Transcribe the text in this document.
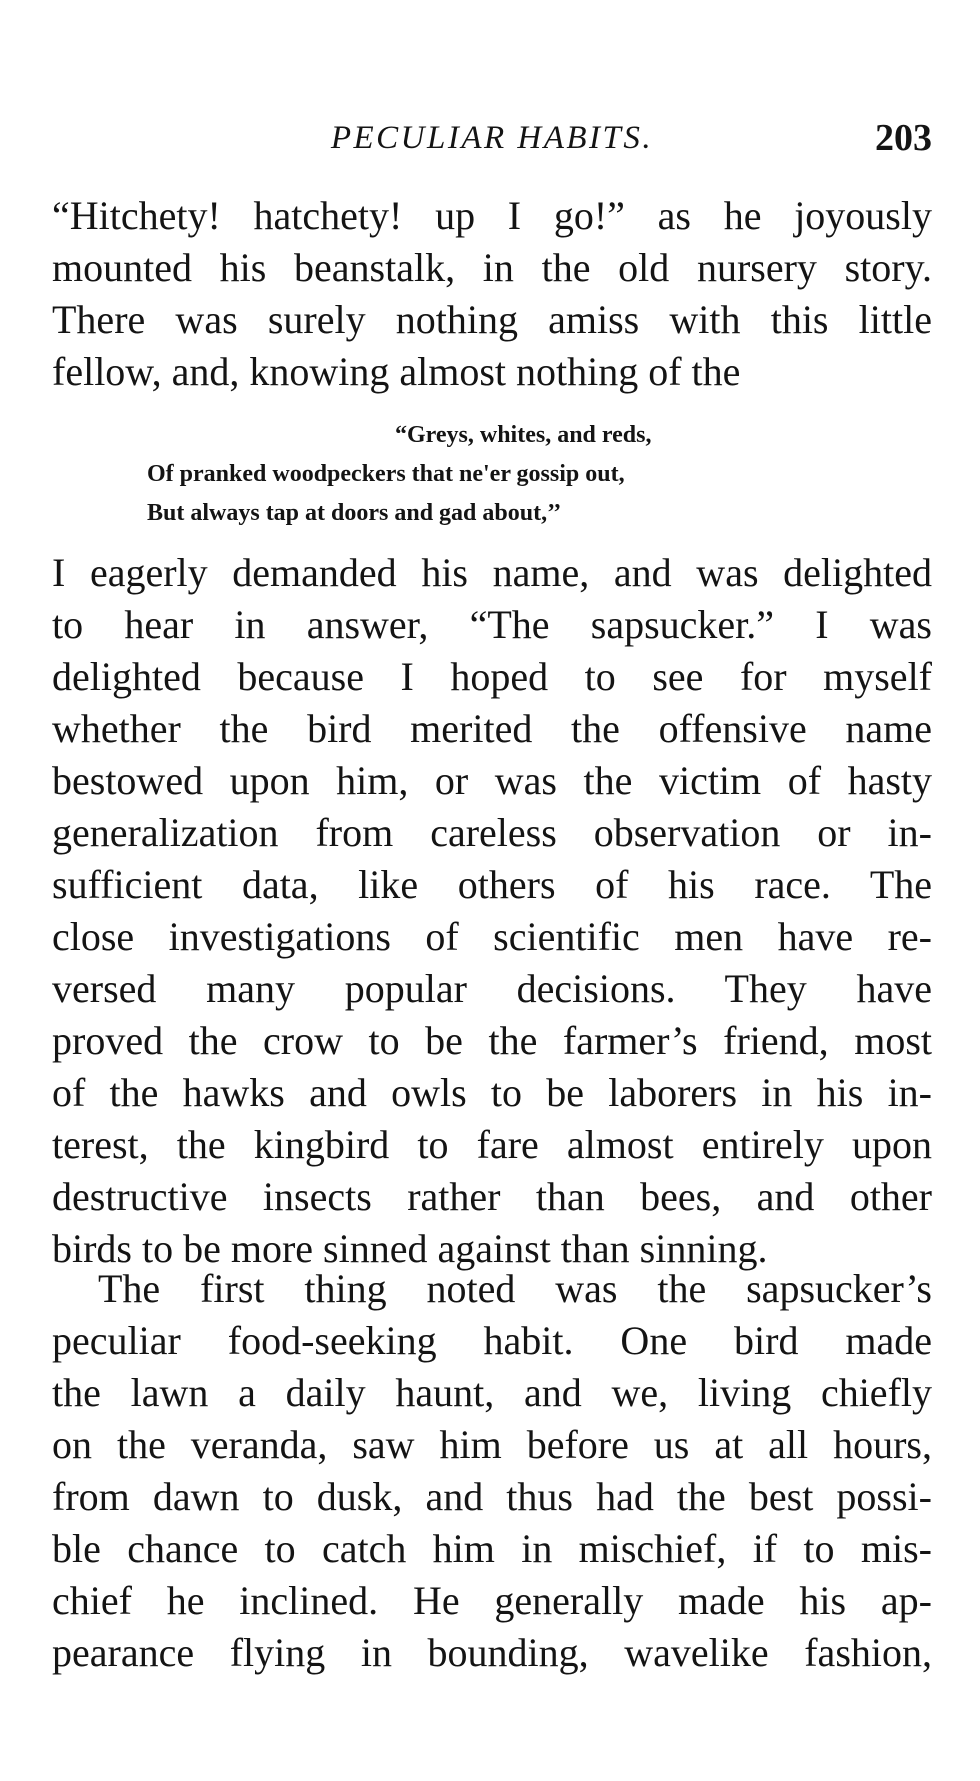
PECULIAR HABITS.	203
“Hitchety! hatchety! up I go!” as he joyously
mounted his beanstalk, in the old nursery story.
There was surely nothing amiss with this little
fellow, and, knowing almost nothing of the
“Greys, whites, and reds,
Of pranked woodpeckers that ne'er gossip out,
But always tap at doors and gad about,’’
I eagerly demanded his name, and was delighted
to hear in answer, “The sapsucker.” I was
delighted because I hoped to see for myself
whether the bird merited the offensive name
bestowed upon him, or was the victim of hasty
generalization from careless observation or in-
sufficient data, like others of his race. The
close investigations of scientific men have re-
versed many popular decisions. They have
proved the crow to be the farmer’s friend, most
of the hawks and owls to be laborers in his in-
terest, the kingbird to fare almost entirely upon
destructive insects rather than bees, and other
birds to be more sinned against than sinning.
The first thing noted was the sapsucker’s
peculiar food-seeking habit. One bird made
the lawn a daily haunt, and we, living chiefly
on the veranda, saw him before us at all hours,
from dawn to dusk, and thus had the best possi-
ble chance to catch him in mischief, if to mis-
chief he inclined. He generally made his ap-
pearance flying in bounding, wavelike fashion,
